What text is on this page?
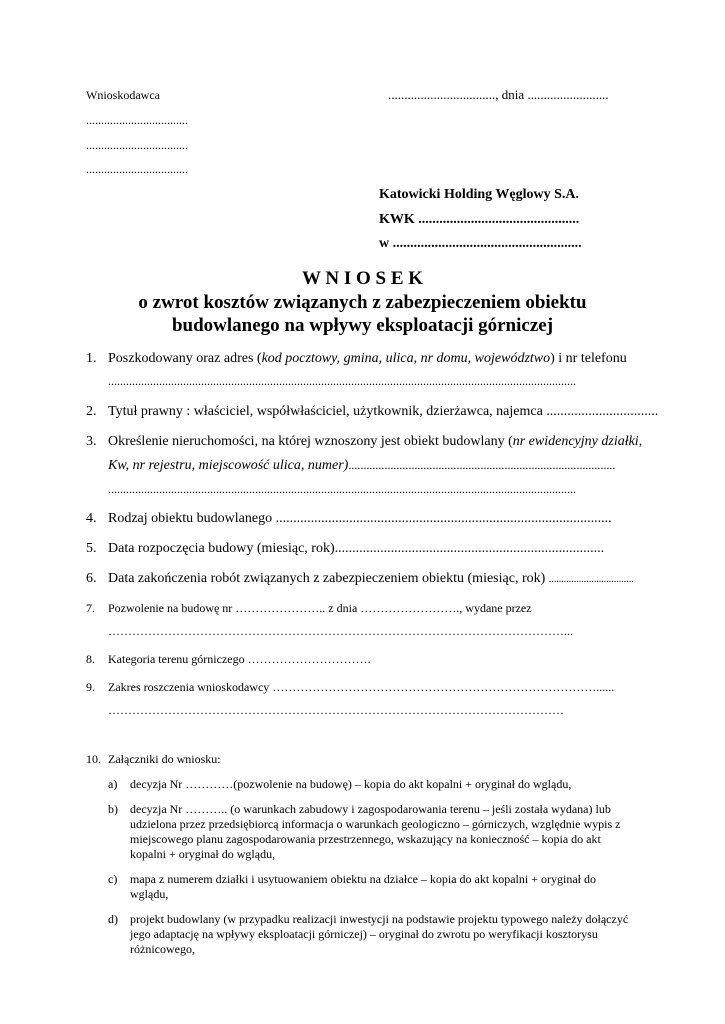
Wnioskodawca	................................., dnia .........................
..................................
..................................
..................................
Katowicki Holding Węglowy S.A.
KWK ..............................................
w ......................................................
W N I O S E K
o zwrot kosztów związanych z zabezpieczeniem obiektu
budowlanego na wpływy eksploatacji górniczej
1. Poszkodowany oraz adres (kod pocztowy, gmina, ulica, nr domu, województwo) i nr telefonu
............................................................................................................................................................
2. Tytuł prawny : właściciel, współwłaściciel, użytkownik, dzierżawca, najemca ................................
3. Określenie nieruchomości, na której wznoszony jest obiekt budowlany (nr ewidencyjny działki,
Kw, nr rejestru, miejscowość ulica, numer).........................................................................................
............................................................................................................................................................
4. Rodzaj obiektu budowlanego ................................................................................................
5. Data rozpoczęcia budowy (miesiąc, rok).............................................................................
6. Data zakończenia robót związanych z zabezpieczeniem obiektu (miesiąc, rok) ..................................
7. Pozwolenie na budowę nr ………………….. z dnia ……………………., wydane przez
……………………………………………………………………………………………………...
8. Kategoria terenu górniczego ………………………….
9. Zakres roszczenia wnioskodawcy ………………………………………………………………………......
……………………………………………………………………………………………………
10. Załączniki do wniosku:
a) decyzja Nr …………(pozwolenie na budowę) – kopia do akt kopalni + oryginał do wglądu,
b) decyzja Nr ……….. (o warunkach zabudowy i zagospodarowania terenu – jeśli została wydana) lub
udzielona przez przedsiębiorcą informacja o warunkach geologiczno – górniczych, względnie wypis z
miejscowego planu zagospodarowania przestrzennego, wskazujący na konieczność – kopia do akt
kopalni + oryginał do wglądu,
c) mapa z numerem działki i usytuowaniem obiektu na działce – kopia do akt kopalni + oryginał do
wglądu,
d) projekt budowlany (w przypadku realizacji inwestycji na podstawie projektu typowego należy dołączyć
jego adaptację na wpływy eksploatacji górniczej) – oryginał do zwrotu po weryfikacji kosztorysu
różnicowego,
